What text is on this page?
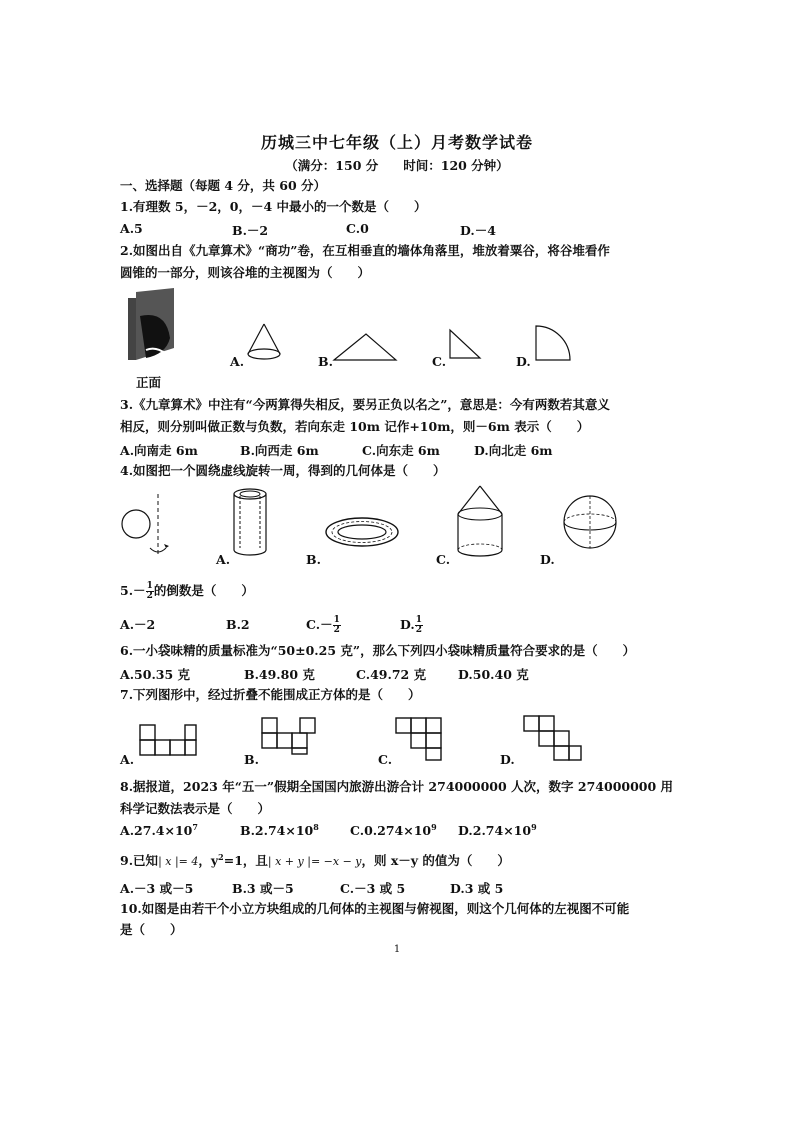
历城三中七年级（上）月考数学试卷
（满分：150 分　　时间：120 分钟）
一、选择题（每题 4 分，共 60 分）
1.有理数 5，－2，0，－4 中最小的一个数是（　　）
A.5	B.－2	C.0	D.－4
2.如图出自《九章算术》“商功”卷，在互相垂直的墙体角落里，堆放着粟谷，将谷堆看作
圆锥的一部分，则该谷堆的主视图为（　　）
正面
A.	B.	C.	D.
3.《九章算术》中注有“今两算得失相反，要另正负以名之”，意思是：今有两数若其意义
相反，则分别叫做正数与负数，若向东走 10m 记作+10m，则－6m 表示（　　）
A.向南走 6m	B.向西走 6m	C.向东走 6m	D.向北走 6m
4.如图把一个圆绕虚线旋转一周，得到的几何体是（　　）
A.	B.	C.	D.
$5.- \frac{1}{2}$ 的倒数是（　　）
A.－2	B.2	$C.- \frac{1}{2}$	D. $\frac{1}{2}$
6.一小袋味精的质量标准为“50±0.25 克”，那么下列四小袋味精质量符合要求的是（　　）
A.50.35 克	B.49.80 克	C.49.72 克	D.50.40 克
7.下列图形中，经过折叠不能围成正方体的是（　　）
A.	B.	C.	D.
8.据报道，2023 年“五一”假期全国国内旅游出游合计 274000000 人次，数字 274000000 用
科学记数法表示是（　　）
$A.27.4\times 10^7$	$B.2.74\times 10^8$ $C.0.274\times 10^9$ $D.2.74\times 10^9$
9.已知| x |= 4，$y^2=1$，且| x + y |= −x − y，则 x－y 的值为（　　）
A.－3 或－5	B.3 或－5	C.－3 或 5	D.3 或 5
10.如图是由若干个小立方块组成的几何体的主视图与俯视图，则这个几何体的左视图不可能
是（　　）
1
